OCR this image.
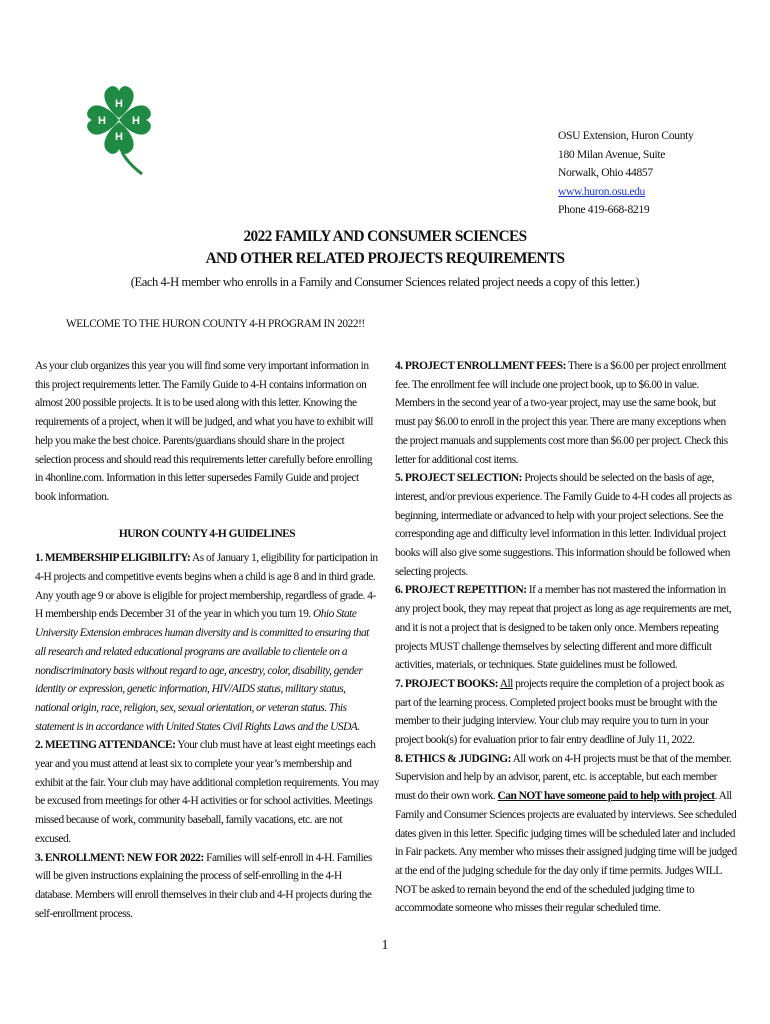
H
H
H H
OSU Extension, Huron County
180 Milan Avenue, Suite
Norwalk, Ohio 44857
www.huron.osu.edu
Phone 419-668-8219
2022 FAMILY AND CONSUMER SCIENCES
AND OTHER RELATED PROJECTS REQUIREMENTS
(Each 4-H member who enrolls in a Family and Consumer Sciences related project needs a copy of this letter.)
WELCOME TO THE HURON COUNTY 4-H PROGRAM IN 2022!!

As your club organizes this year you will find some very important information in this project requirements letter. The Family Guide to 4-H contains information on almost 200 possible projects. It is to be used along with this letter. Knowing the requirements of a project, when it will be judged, and what you have to exhibit will help you make the best choice. Parents/guardians should share in the project selection process and should read this requirements letter carefully before enrolling in 4honline.com. Information in this letter supersedes Family Guide and project book information.

HURON COUNTY 4-H GUIDELINES

1. MEMBERSHIP ELIGIBILITY: As of January 1, eligibility for participation in 4-H projects and competitive events begins when a child is age 8 and in third grade. Any youth age 9 or above is eligible for project membership, regardless of grade. 4-H membership ends December 31 of the year in which you turn 19. Ohio State University Extension embraces human diversity and is committed to ensuring that all research and related educational programs are available to clientele on a nondiscriminatory basis without regard to age, ancestry, color, disability, gender identity or expression, genetic information, HIV/AIDS status, military status, national origin, race, religion, sex, sexual orientation, or veteran status. This statement is in accordance with United States Civil Rights Laws and the USDA.

2. MEETING ATTENDANCE: Your club must have at least eight meetings each year and you must attend at least six to complete your year’s membership and exhibit at the fair. Your club may have additional completion requirements. You may be excused from meetings for other 4-H activities or for school activities. Meetings missed because of work, community baseball, family vacations, etc. are not excused.

3. ENROLLMENT: NEW FOR 2022: Families will self-enroll in 4-H. Families will be given instructions explaining the process of self-enrolling in the 4-H database. Members will enroll themselves in their club and 4-H projects during the self-enrollment process.

4. PROJECT ENROLLMENT FEES: There is a $6.00 per project enrollment fee. The enrollment fee will include one project book, up to $6.00 in value. Members in the second year of a two-year project, may use the same book, but must pay $6.00 to enroll in the project this year. There are many exceptions when the project manuals and supplements cost more than $6.00 per project. Check this letter for additional cost items.

5. PROJECT SELECTION: Projects should be selected on the basis of age, interest, and/or previous experience. The Family Guide to 4-H codes all projects as beginning, intermediate or advanced to help with your project selections. See the corresponding age and difficulty level information in this letter. Individual project books will also give some suggestions. This information should be followed when selecting projects.

6. PROJECT REPETITION: If a member has not mastered the information in any project book, they may repeat that project as long as age requirements are met, and it is not a project that is designed to be taken only once. Members repeating projects MUST challenge themselves by selecting different and more difficult activities, materials, or techniques. State guidelines must be followed.

7. PROJECT BOOKS: All projects require the completion of a project book as part of the learning process. Completed project books must be brought with the member to their judging interview. Your club may require you to turn in your project book(s) for evaluation prior to fair entry deadline of July 11, 2022.

8. ETHICS & JUDGING: All work on 4-H projects must be that of the member. Supervision and help by an advisor, parent, etc. is acceptable, but each member must do their own work. Can NOT have someone paid to help with project. All Family and Consumer Sciences projects are evaluated by interviews. See scheduled dates given in this letter. Specific judging times will be scheduled later and included in Fair packets. Any member who misses their assigned judging time will be judged at the end of the judging schedule for the day only if time permits. Judges WILL NOT be asked to remain beyond the end of the scheduled judging time to accommodate someone who misses their regular scheduled time.

1
